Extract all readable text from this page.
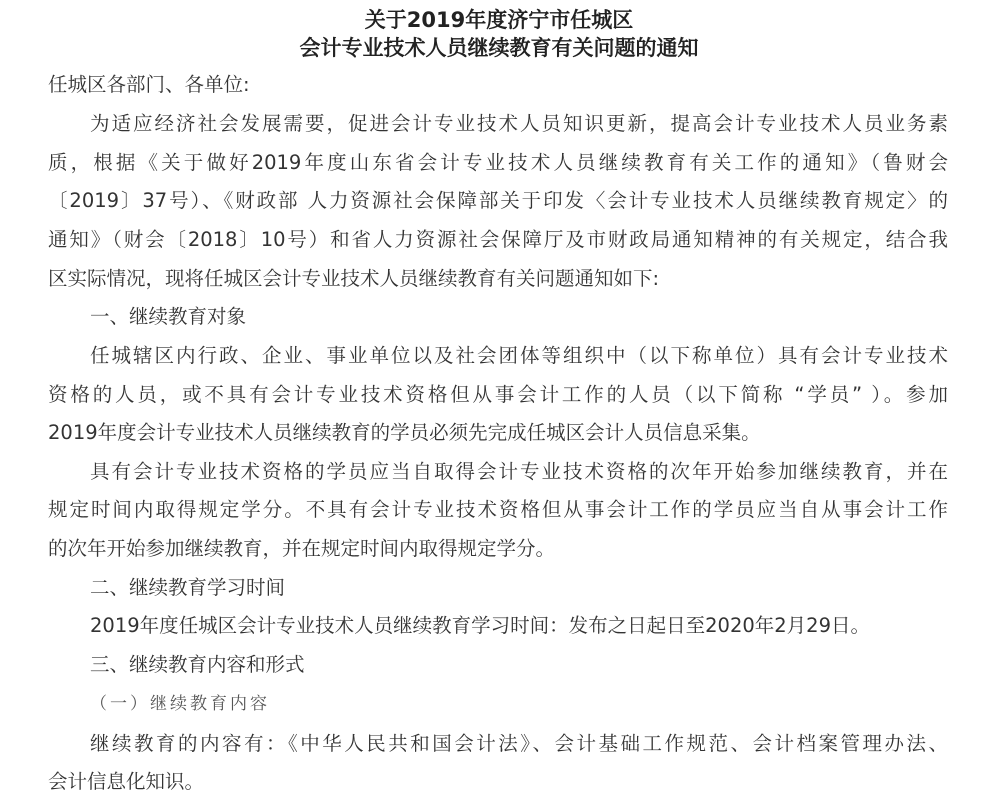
关于2019年度济宁市任城区
会计专业技术人员继续教育有关问题的通知
任城区各部门、各单位:
为适应经济社会发展需要，促进会计专业技术人员知识更新，提高会计专业技术人员业务素
质，根据《关于做好2019年度山东省会计专业技术人员继续教育有关工作的通知》（鲁财会
〔2019〕37号）、《财政部 人力资源社会保障部关于印发〈会计专业技术人员继续教育规定〉的
通知》（财会〔2018〕10号）和省人力资源社会保障厅及市财政局通知精神的有关规定，结合我
区实际情况，现将任城区会计专业技术人员继续教育有关问题通知如下:
一、继续教育对象
任城辖区内行政、企业、事业单位以及社会团体等组织中（以下称单位）具有会计专业技术
资格的人员，或不具有会计专业技术资格但从事会计工作的人员（以下简称 “学员” ）。参加
2019年度会计专业技术人员继续教育的学员必须先完成任城区会计人员信息采集。
具有会计专业技术资格的学员应当自取得会计专业技术资格的次年开始参加继续教育，并在
规定时间内取得规定学分。不具有会计专业技术资格但从事会计工作的学员应当自从事会计工作
的次年开始参加继续教育，并在规定时间内取得规定学分。
二、继续教育学习时间
2019年度任城区会计专业技术人员继续教育学习时间：发布之日起日至2020年2月29日。
三、继续教育内容和形式
（一）继续教育内容
继续教育的内容有：《中华人民共和国会计法》、会计基础工作规范、会计档案管理办法、
会计信息化知识。
